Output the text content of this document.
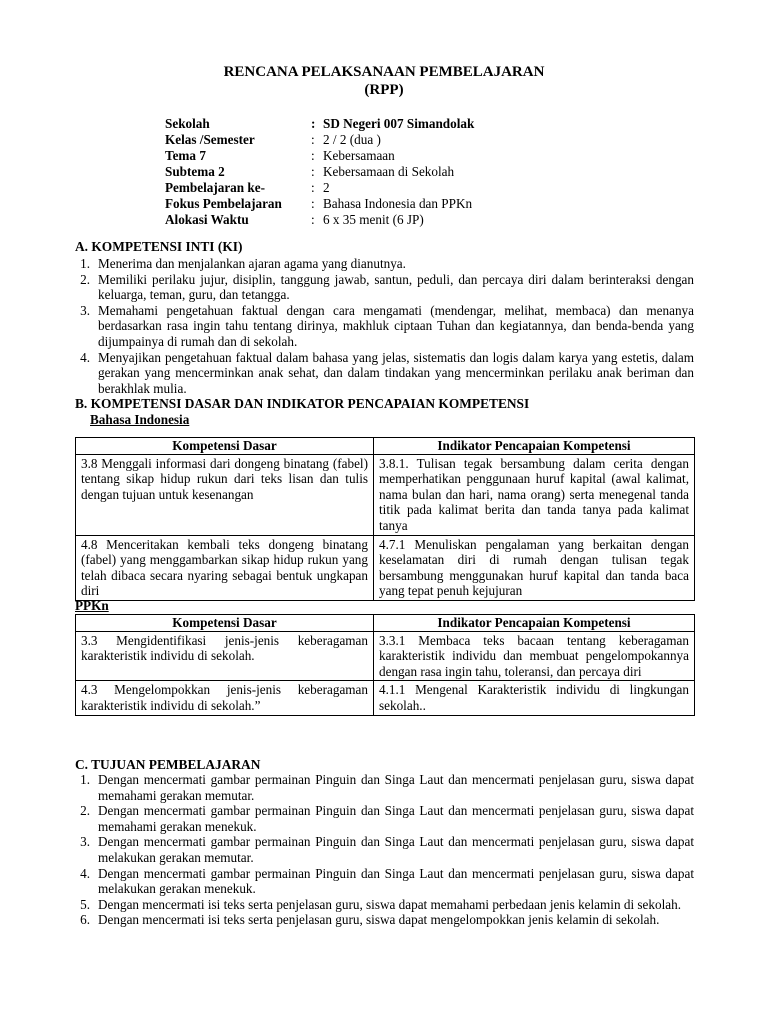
RENCANA PELAKSANAAN PEMBELAJARAN
(RPP)
Sekolah	:	SD Negeri 007 Simandolak
Kelas /Semester	:	2 / 2 (dua )
Tema 7	:	Kebersamaan
Subtema 2	:	Kebersamaan di Sekolah
Pembelajaran ke-	:	2
Fokus Pembelajaran	:	Bahasa Indonesia dan PPKn
Alokasi Waktu	:	6 x 35 menit (6 JP)
A. KOMPETENSI INTI (KI)
1. Menerima dan menjalankan ajaran agama yang dianutnya.
2. Memiliki perilaku jujur, disiplin, tanggung jawab, santun, peduli, dan percaya diri dalam berinteraksi dengan keluarga, teman, guru, dan tetangga.
3. Memahami pengetahuan faktual dengan cara mengamati (mendengar, melihat, membaca) dan menanya berdasarkan rasa ingin tahu tentang dirinya, makhluk ciptaan Tuhan dan kegiatannya, dan benda-benda yang dijumpainya di rumah dan di sekolah.
4. Menyajikan pengetahuan faktual dalam bahasa yang jelas, sistematis dan logis dalam karya yang estetis, dalam gerakan yang mencerminkan anak sehat, dan dalam tindakan yang mencerminkan perilaku anak beriman dan berakhlak mulia.
B. KOMPETENSI DASAR DAN INDIKATOR PENCAPAIAN KOMPETENSI
Bahasa Indonesia
Kompetensi Dasar	Indikator Pencapaian Kompetensi

3.8 Menggali informasi dari dongeng binatang (fabel) tentang sikap hidup rukun dari teks lisan dan tulis dengan tujuan untuk kesenangan	3.8.1. Tulisan tegak bersambung dalam cerita dengan memperhatikan penggunaan huruf kapital (awal kalimat, nama bulan dan hari, nama orang) serta menegenal tanda titik pada kalimat berita dan tanda tanya pada kalimat tanya

4.8 Menceritakan kembali teks dongeng binatang (fabel) yang menggambarkan sikap hidup rukun yang telah dibaca secara nyaring sebagai bentuk ungkapan diri	4.7.1 Menuliskan pengalaman yang berkaitan dengan keselamatan diri di rumah dengan tulisan tegak bersambung menggunakan huruf kapital dan tanda baca yang tepat penuh kejujuran
PPKn
Kompetensi Dasar	Indikator Pencapaian Kompetensi

3.3 Mengidentifikasi jenis-jenis keberagaman karakteristik individu di sekolah.	3.3.1 Membaca teks bacaan tentang keberagaman karakteristik individu dan membuat pengelompokannya dengan rasa ingin tahu, toleransi, dan percaya diri

4.3 Mengelompokkan jenis-jenis keberagaman karakteristik individu di sekolah.”	4.1.1 Mengenal Karakteristik individu di lingkungan sekolah..
C. TUJUAN PEMBELAJARAN
1. Dengan mencermati gambar permainan Pinguin dan Singa Laut dan mencermati penjelasan guru, siswa dapat memahami gerakan memutar.
2. Dengan mencermati gambar permainan Pinguin dan Singa Laut dan mencermati penjelasan guru, siswa dapat memahami gerakan menekuk.
3. Dengan mencermati gambar permainan Pinguin dan Singa Laut dan mencermati penjelasan guru, siswa dapat melakukan gerakan memutar.
4. Dengan mencermati gambar permainan Pinguin dan Singa Laut dan mencermati penjelasan guru, siswa dapat melakukan gerakan menekuk.
5. Dengan mencermati isi teks serta penjelasan guru, siswa dapat memahami perbedaan jenis kelamin di sekolah.
6. Dengan mencermati isi teks serta penjelasan guru, siswa dapat mengelompokkan jenis kelamin di sekolah.
